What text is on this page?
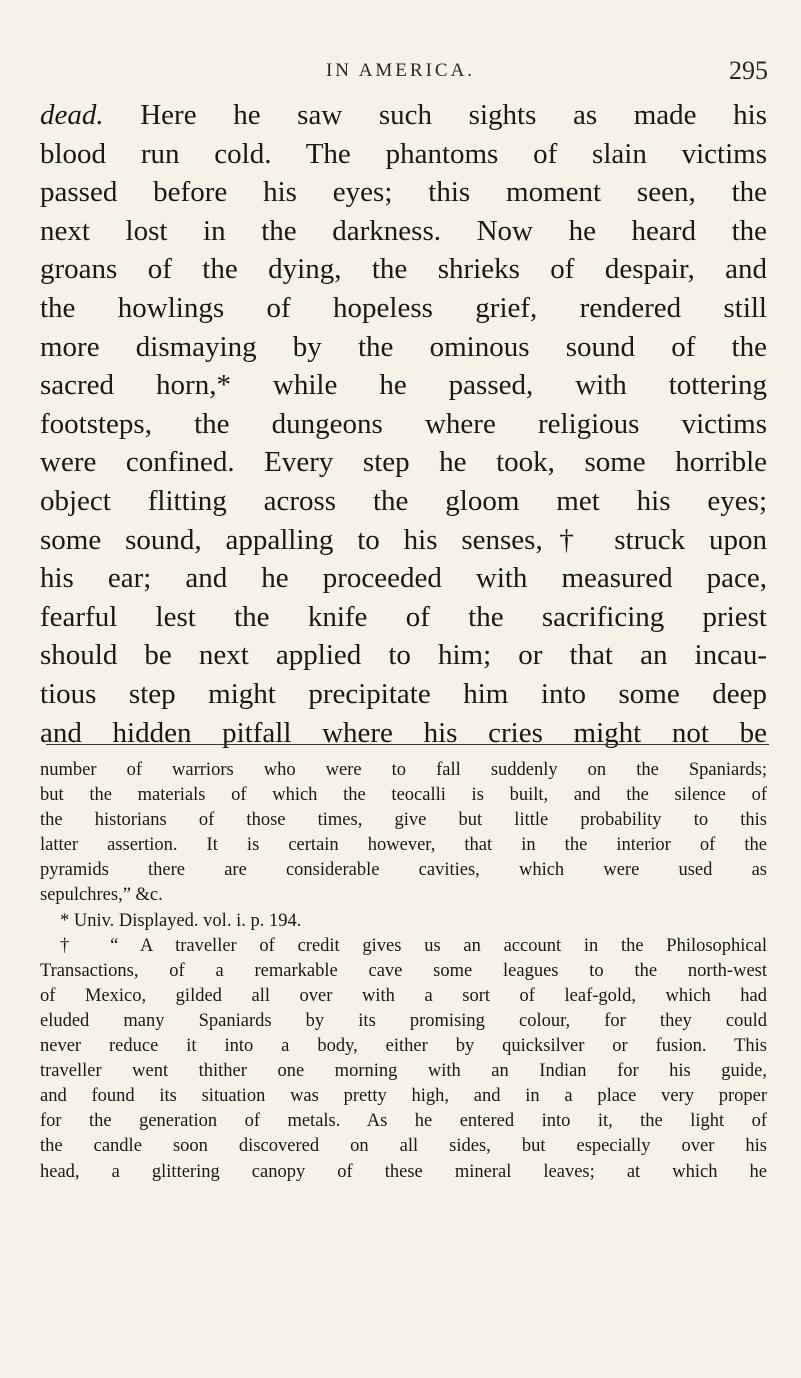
IN AMERICA.	295
dead. Here he saw such sights as made his
blood run cold. The phantoms of slain victims
passed before his eyes; this moment seen, the
next lost in the darkness. Now he heard the
groans of the dying, the shrieks of despair, and
the howlings of hopeless grief, rendered still
more dismaying by the ominous sound of the
sacred horn,* while he passed, with tottering
footsteps, the dungeons where religious victims
were confined. Every step he took, some horrible
object flitting across the gloom met his eyes;
some sound, appalling to his senses,† struck upon
his ear; and he proceeded with measured pace,
fearful lest the knife of the sacrificing priest
should be next applied to him; or that an incau-
tious step might precipitate him into some deep
and hidden pitfall where his cries might not be
number of warriors who were to fall suddenly on the Spaniards;
but the materials of which the teocalli is built, and the silence of
the historians of those times, give but little probability to this
latter assertion. It is certain however, that in the interior of the
pyramids there are considerable cavities, which were used as
sepulchres,” &c.
* Univ. Displayed. vol. i. p. 194.
† “ A traveller of credit gives us an account in the Philosophical
Transactions, of a remarkable cave some leagues to the north-west
of Mexico, gilded all over with a sort of leaf-gold, which had
eluded many Spaniards by its promising colour, for they could
never reduce it into a body, either by quicksilver or fusion. This
traveller went thither one morning with an Indian for his guide,
and found its situation was pretty high, and in a place very proper
for the generation of metals. As he entered into it, the light of
the candle soon discovered on all sides, but especially over his
head, a glittering canopy of these mineral leaves; at which he
